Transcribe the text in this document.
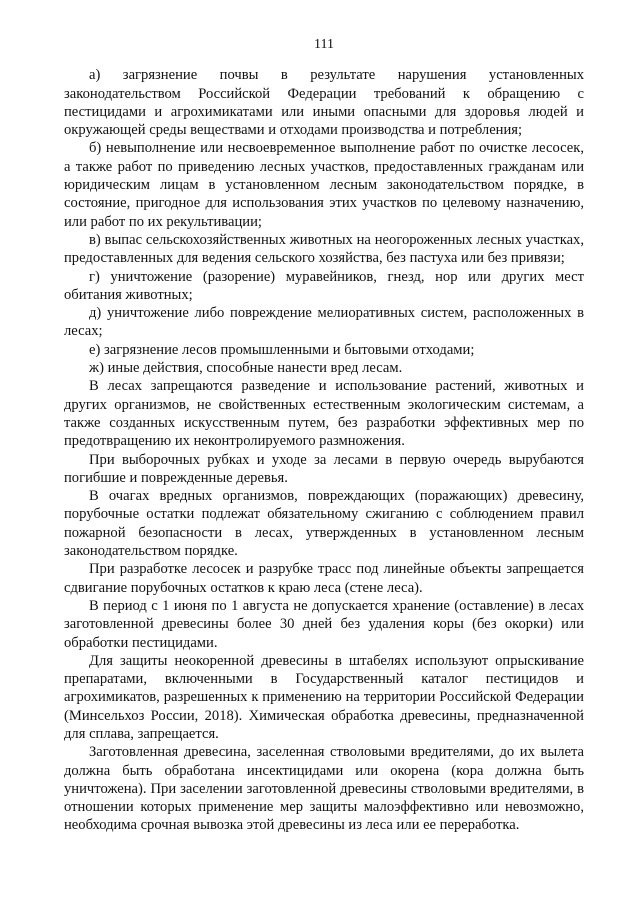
111

а) загрязнение почвы в результате нарушения установленных законодательством Российской Федерации требований к обращению с пестицидами и агрохимикатами или иными опасными для здоровья людей и окружающей среды веществами и отходами производства и потребления;

б) невыполнение или несвоевременное выполнение работ по очистке лесосек, а также работ по приведению лесных участков, предоставленных гражданам или юридическим лицам в установленном лесным законодательством порядке, в состояние, пригодное для использования этих участков по целевому назначению, или работ по их рекультивации;

в) выпас сельскохозяйственных животных на неогороженных лесных участках, предоставленных для ведения сельского хозяйства, без пастуха или без привязи;

г) уничтожение (разорение) муравейников, гнезд, нор или других мест обитания животных;

д) уничтожение либо повреждение мелиоративных систем, расположенных в лесах;

е) загрязнение лесов промышленными и бытовыми отходами;

ж) иные действия, способные нанести вред лесам.

В лесах запрещаются разведение и использование растений, животных и других организмов, не свойственных естественным экологическим системам, а также созданных искусственным путем, без разработки эффективных мер по предотвращению их неконтролируемого размножения.

При выборочных рубках и уходе за лесами в первую очередь вырубаются погибшие и поврежденные деревья.

В очагах вредных организмов, повреждающих (поражающих) древесину, порубочные остатки подлежат обязательному сжиганию с соблюдением правил пожарной безопасности в лесах, утвержденных в установленном лесным законодательством порядке.

При разработке лесосек и разрубке трасс под линейные объекты запрещается сдвигание порубочных остатков к краю леса (стене леса).

В период с 1 июня по 1 августа не допускается хранение (оставление) в лесах заготовленной древесины более 30 дней без удаления коры (без окорки) или обработки пестицидами.

Для защиты неокоренной древесины в штабелях используют опрыскивание препаратами, включенными в Государственный каталог пестицидов и агрохимикатов, разрешенных к применению на территории Российской Федерации (Минсельхоз России, 2018). Химическая обработка древесины, предназначенной для сплава, запрещается.

Заготовленная древесина, заселенная стволовыми вредителями, до их вылета должна быть обработана инсектицидами или окорена (кора должна быть уничтожена). При заселении заготовленной древесины стволовыми вредителями, в отношении которых применение мер защиты малоэффективно или невозможно, необходима срочная вывозка этой древесины из леса или ее переработка.
